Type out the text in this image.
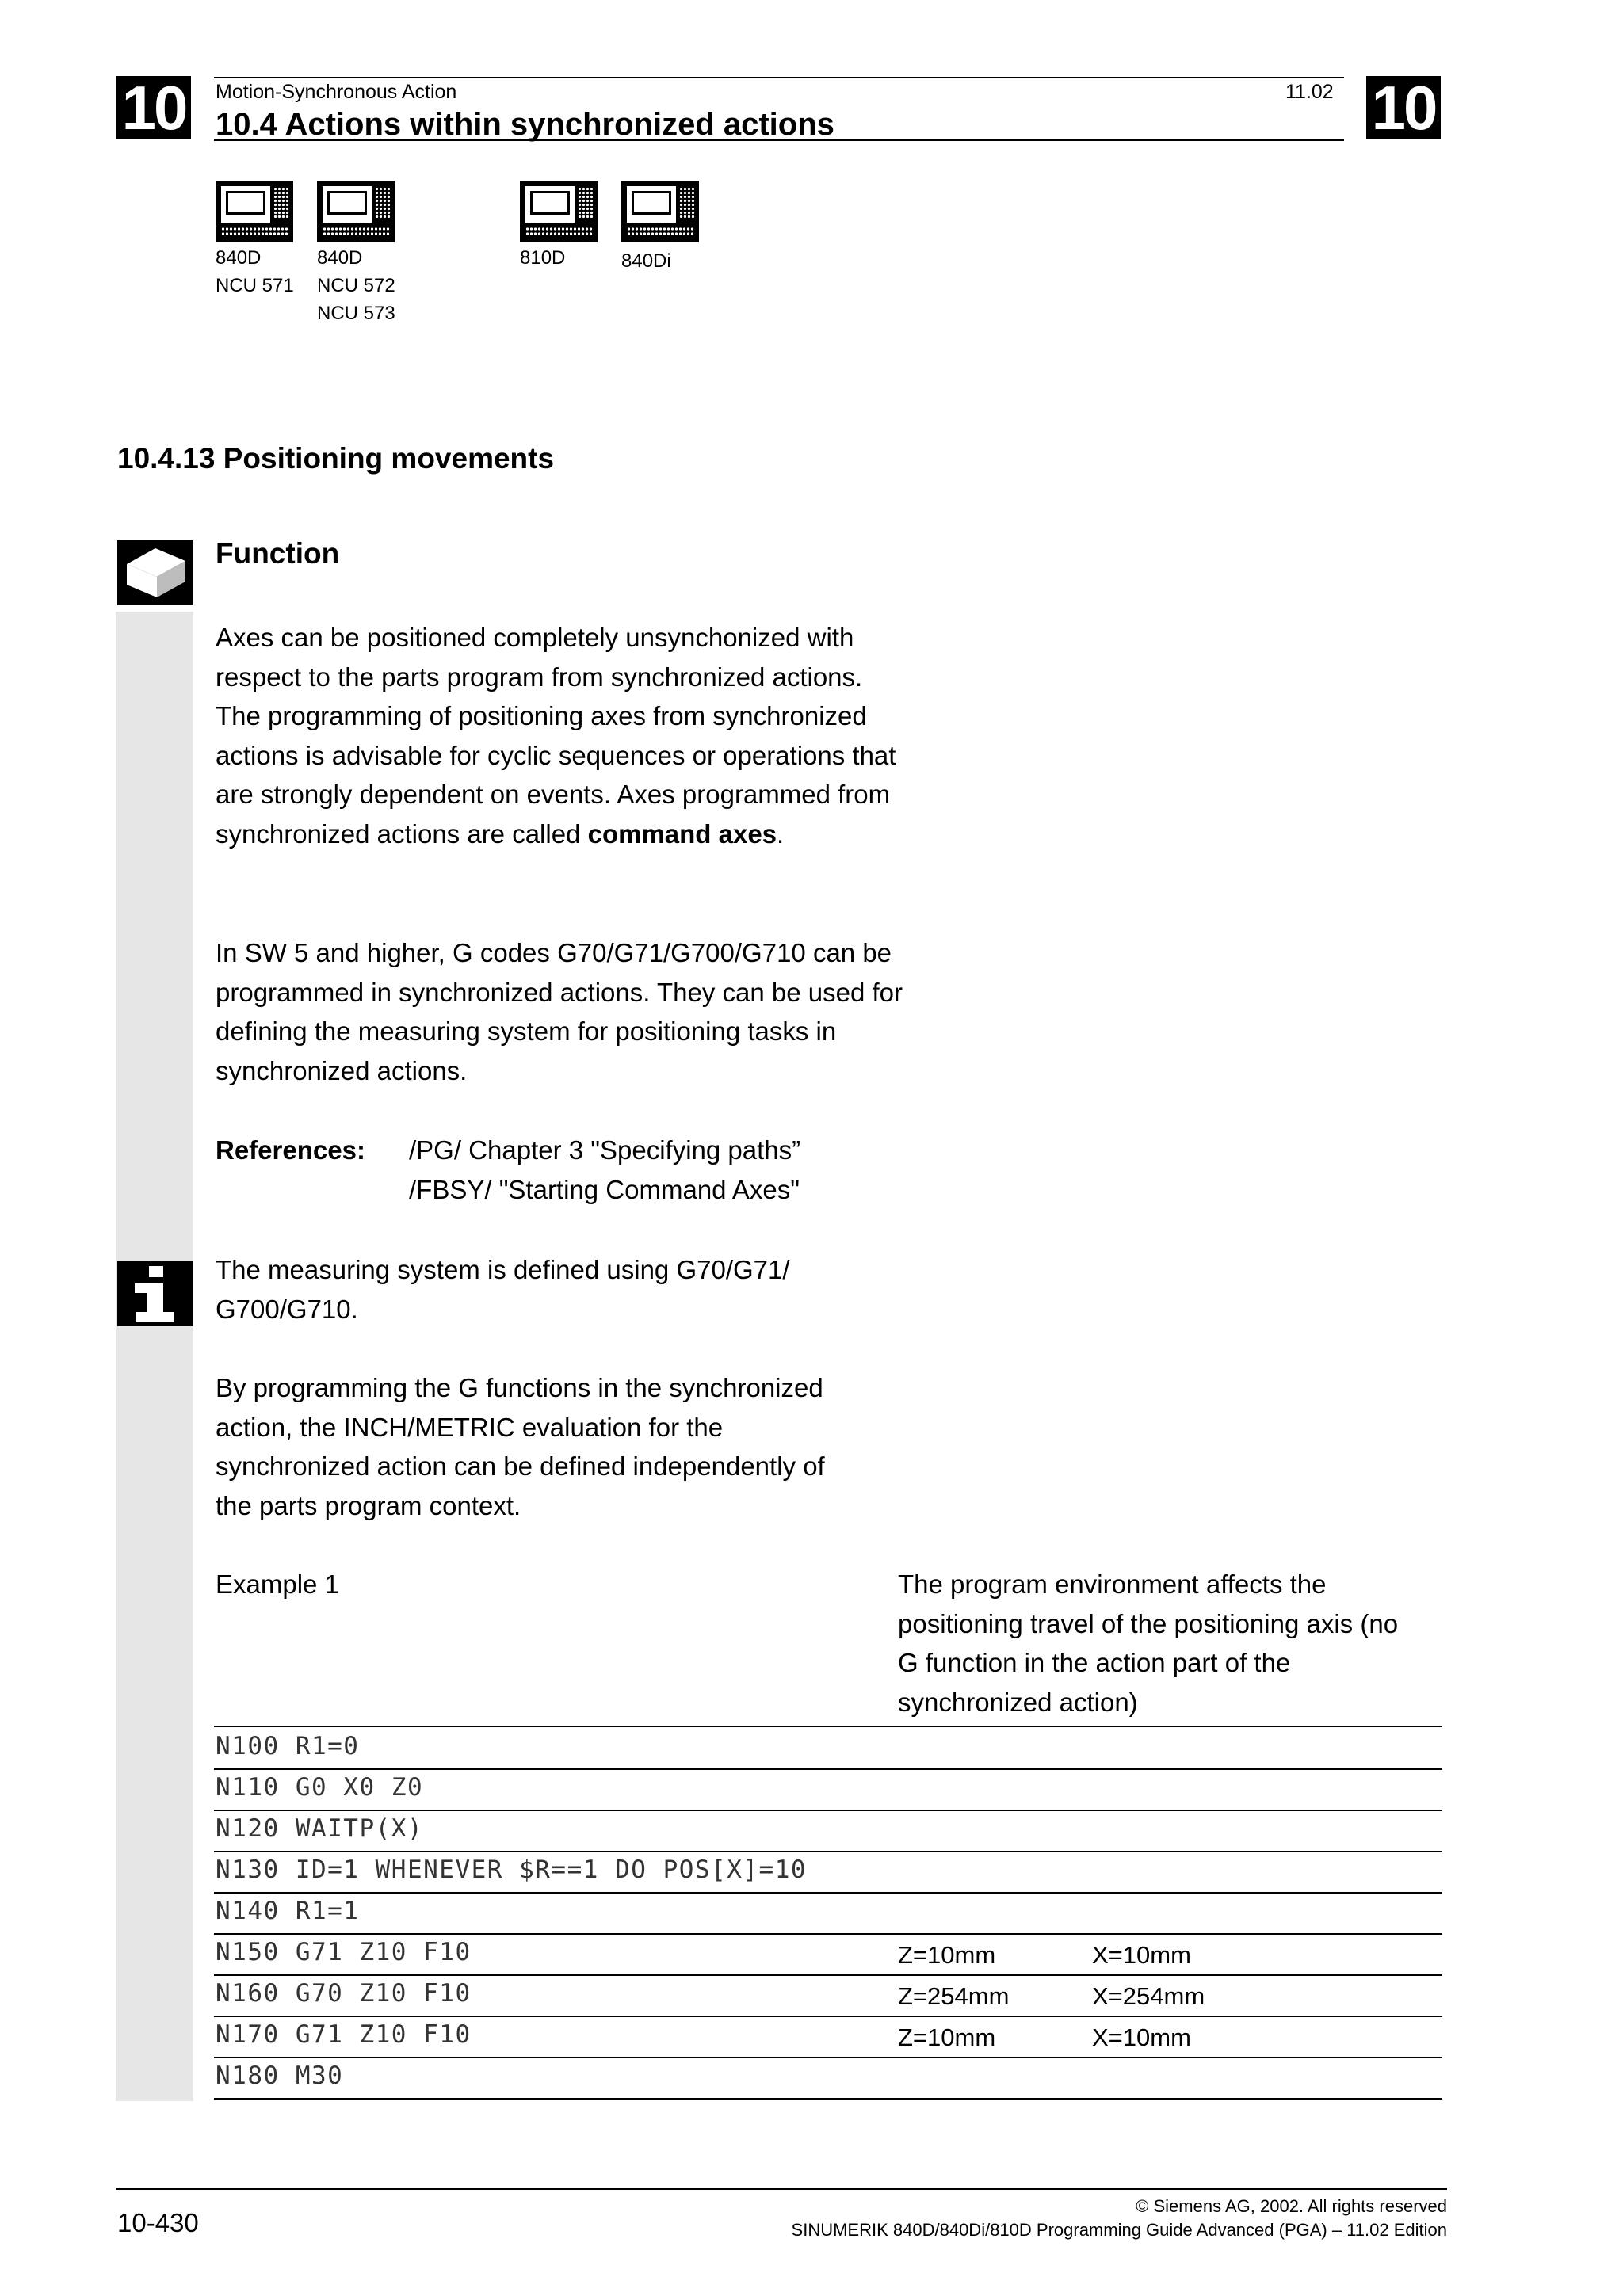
10	10
Motion-Synchronous Action	11.02
10.4 Actions within synchronized actions
840D
NCU 571
840D
NCU 572
NCU 573
810D	840Di
10.4.13 Positioning movements
Function

Axes can be positioned completely unsynchonized with respect to the parts program from synchronized actions. The programming of positioning axes from synchronized actions is advisable for cyclic sequences or operations that are strongly dependent on events. Axes programmed from synchronized actions are called command axes.

In SW 5 and higher, G codes G70/G71/G700/G710 can be programmed in synchronized actions. They can be used for defining the measuring system for positioning tasks in synchronized actions.
References: /PG/ Chapter 3 "Specifying paths”
/FBSY/ "Starting Command Axes"
The measuring system is defined using G70/G71/ G700/G710.
By programming the G functions in the synchronized action, the INCH/METRIC evaluation for the synchronized action can be defined independently of the parts program context.
Example 1	The program environment affects the positioning travel of the positioning axis (no G function in the action part of the synchronized action)
N100 R1=0
N110 G0 X0 Z0
N120 WAITP(X)
N130 ID=1 WHENEVER $R==1 DO POS[X]=10
N140 R1=1
N150 G71 Z10 F10	Z=10mm	X=10mm
N160 G70 Z10 F10	Z=254mm	X=254mm
N170 G71 Z10 F10	Z=10mm	X=10mm
N180 M30
10-430
© Siemens AG, 2002. All rights reserved
SINUMERIK 840D/840Di/810D Programming Guide Advanced (PGA) – 11.02 Edition
